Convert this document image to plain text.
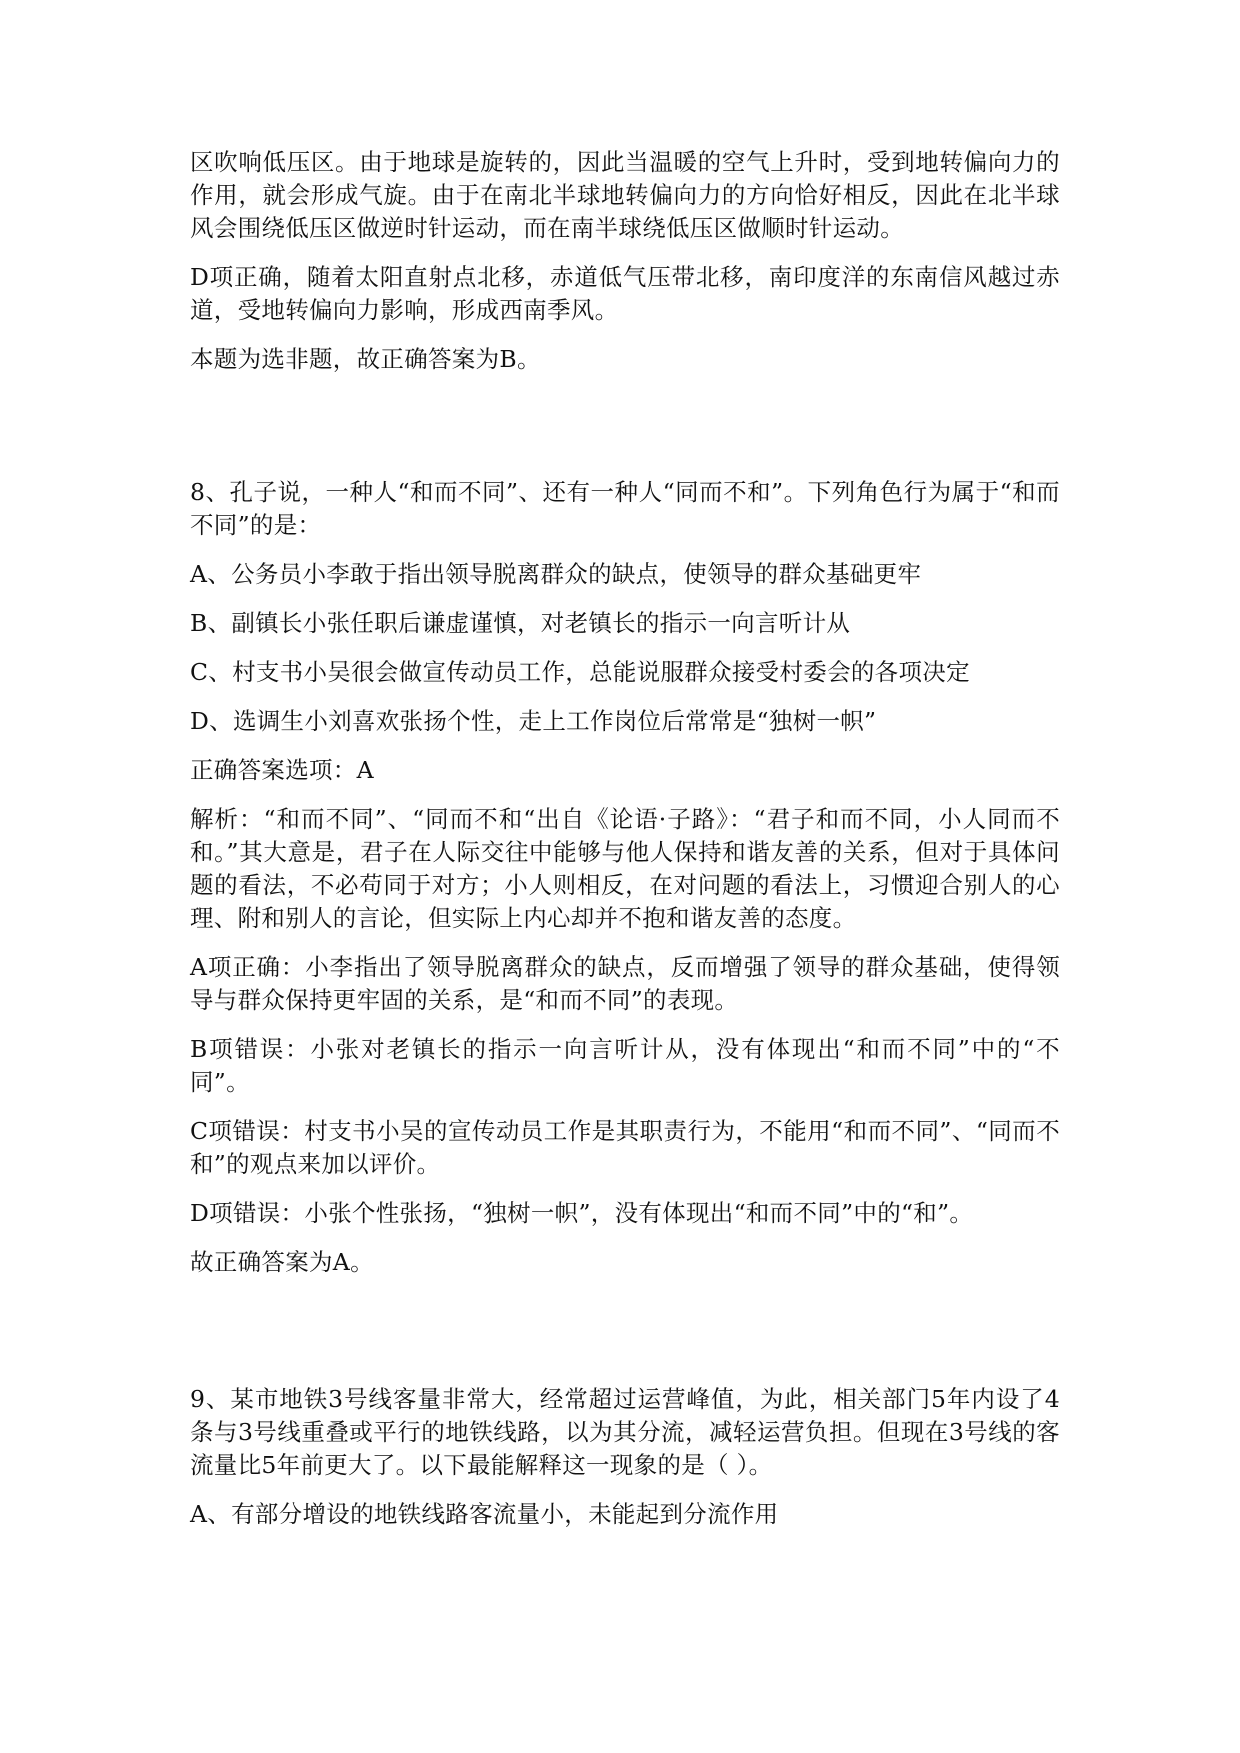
区吹响低压区。由于地球是旋转的，因此当温暖的空气上升时，受到地转偏向力的作用，就会形成气旋。由于在南北半球地转偏向力的方向恰好相反，因此在北半球风会围绕低压区做逆时针运动，而在南半球绕低压区做顺时针运动。

D项正确，随着太阳直射点北移，赤道低气压带北移，南印度洋的东南信风越过赤道，受地转偏向力影响，形成西南季风。

本题为选非题，故正确答案为B。

8、孔子说，一种人“和而不同”、还有一种人“同而不和”。下列角色行为属于“和而不同”的是：

A、公务员小李敢于指出领导脱离群众的缺点，使领导的群众基础更牢

B、副镇长小张任职后谦虚谨慎，对老镇长的指示一向言听计从

C、村支书小吴很会做宣传动员工作，总能说服群众接受村委会的各项决定

D、选调生小刘喜欢张扬个性，走上工作岗位后常常是“独树一帜”

正确答案选项：A

解析：“和而不同”、“同而不和“出自《论语·子路》：“君子和而不同，小人同而不和。”其大意是，君子在人际交往中能够与他人保持和谐友善的关系，但对于具体问题的看法，不必苟同于对方；小人则相反，在对问题的看法上，习惯迎合别人的心理、附和别人的言论，但实际上内心却并不抱和谐友善的态度。

A项正确：小李指出了领导脱离群众的缺点，反而增强了领导的群众基础，使得领导与群众保持更牢固的关系，是“和而不同”的表现。

B项错误：小张对老镇长的指示一向言听计从，没有体现出“和而不同”中的“不同”。

C项错误：村支书小吴的宣传动员工作是其职责行为，不能用“和而不同”、“同而不和”的观点来加以评价。

D项错误：小张个性张扬，“独树一帜”，没有体现出“和而不同”中的“和”。

故正确答案为A。

9、某市地铁3号线客量非常大，经常超过运营峰值，为此，相关部门5年内设了4条与3号线重叠或平行的地铁线路，以为其分流，减轻运营负担。但现在3号线的客流量比5年前更大了。以下最能解释这一现象的是（ ）。

A、有部分增设的地铁线路客流量小，未能起到分流作用
